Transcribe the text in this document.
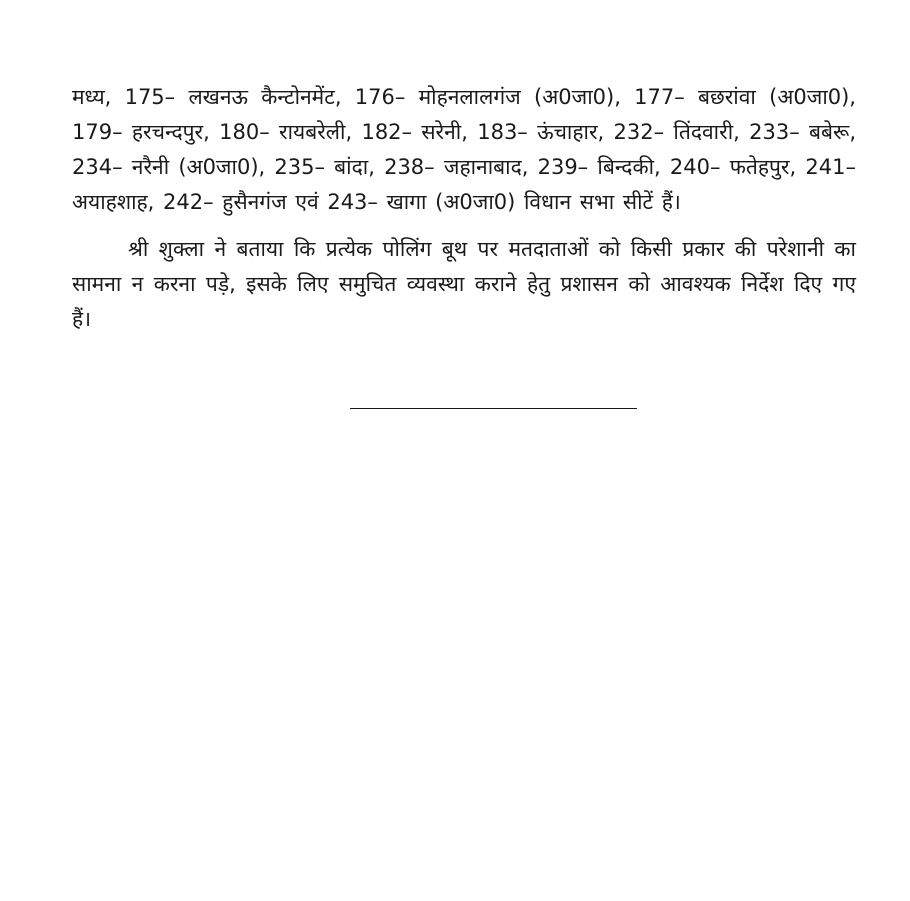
मध्य, 175– लखनऊ कैन्टोनमेंट, 176– मोहनलालगंज (अ0जा0), 177– बछरांवा (अ0जा0), 179– हरचन्दपुर, 180– रायबरेली, 182– सरेनी, 183– ऊंचाहार, 232– तिंदवारी, 233– बबेरू, 234– नरैनी (अ0जा0), 235– बांदा, 238– जहानाबाद, 239– बिन्दकी, 240– फतेहपुर, 241– अयाहशाह, 242– हुसैनगंज एवं 243– खागा (अ0जा0) विधान सभा सीटें हैं।

श्री शुक्ला ने बताया कि प्रत्येक पोलिंग बूथ पर मतदाताओं को किसी प्रकार की परेशानी का सामना न करना पड़े, इसके लिए समुचित व्यवस्था कराने हेतु प्रशासन को आवश्यक निर्देश दिए गए हैं।
